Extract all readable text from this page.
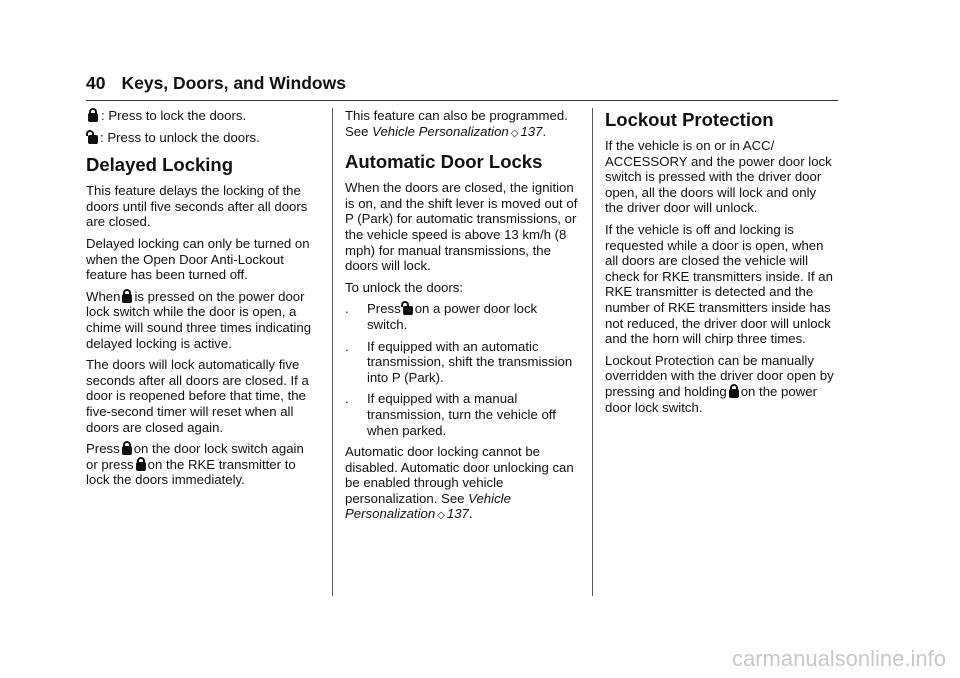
40 Keys, Doors, and Windows

: Press to lock the doors.

: Press to unlock the doors.

Delayed Locking

This feature delays the locking of the doors until five seconds after all doors are closed.

Delayed locking can only be turned on when the Open Door Anti-Lockout feature has been turned off.

When is pressed on the power door lock switch while the door is open, a chime will sound three times indicating delayed locking is active.

The doors will lock automatically five seconds after all doors are closed. If a door is reopened before that time, the five-second timer will reset when all doors are closed again.

Press on the door lock switch again or press on the RKE transmitter to lock the doors immediately.

This feature can also be programmed. See Vehicle Personalization ◇ 137.

Automatic Door Locks

When the doors are closed, the ignition is on, and the shift lever is moved out of P (Park) for automatic transmissions, or the vehicle speed is above 13 km/h (8 mph) for manual transmissions, the doors will lock.

To unlock the doors:

.	Press on a power door lock switch.
.	If equipped with an automatic transmission, shift the transmission into P (Park).
.	If equipped with a manual transmission, turn the vehicle off when parked.

Automatic door locking cannot be disabled. Automatic door unlocking can be enabled through vehicle personalization. See Vehicle Personalization ◇ 137.

Lockout Protection

If the vehicle is on or in ACC/ ACCESSORY and the power door lock switch is pressed with the driver door open, all the doors will lock and only the driver door will unlock.

If the vehicle is off and locking is requested while a door is open, when all doors are closed the vehicle will check for RKE transmitters inside. If an RKE transmitter is detected and the number of RKE transmitters inside has not reduced, the driver door will unlock and the horn will chirp three times.

Lockout Protection can be manually overridden with the driver door open by pressing and holding on the power door lock switch.

carmanualsonline.info
